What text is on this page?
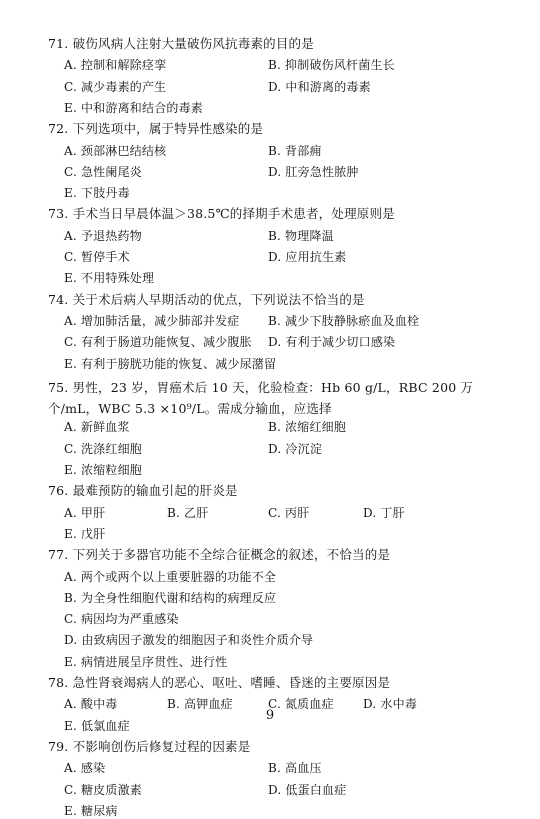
71. 破伤风病人注射大量破伤风抗毒素的目的是
A. 控制和解除痉挛	B. 抑制破伤风杆菌生长
C. 减少毒素的产生	D. 中和游离的毒素
E. 中和游离和结合的毒素
72. 下列选项中，属于特异性感染的是
A. 颈部淋巴结结核	B. 背部痈
C. 急性阑尾炎	D. 肛旁急性脓肿
E. 下肢丹毒
73. 手术当日早晨体温＞38.5℃的择期手术患者，处理原则是
A. 予退热药物	B. 物理降温
C. 暂停手术	D. 应用抗生素
E. 不用特殊处理
74. 关于术后病人早期活动的优点，下列说法不恰当的是
A. 增加肺活量，减少肺部并发症 B. 减少下肢静脉瘀血及血栓
C. 有利于肠道功能恢复、减少腹胀 D. 有利于减少切口感染
E. 有利于膀胱功能的恢复、减少尿潴留
75. 男性，23 岁，胃癌术后 10 天，化验检查：Hb 60 g/L，RBC 200 万个/mL，WBC 5.3 ×10⁹/L。需成分输血，应选择
A. 新鲜血浆	B. 浓缩红细胞
C. 洗涤红细胞	D. 冷沉淀
E. 浓缩粒细胞
76. 最难预防的输血引起的肝炎是
A. 甲肝	B. 乙肝	C. 丙肝	D. 丁肝
E. 戊肝
77. 下列关于多器官功能不全综合征概念的叙述，不恰当的是
A. 两个或两个以上重要脏器的功能不全
B. 为全身性细胞代谢和结构的病理反应
C. 病因均为严重感染
D. 由致病因子激发的细胞因子和炎性介质介导
E. 病情进展呈序贯性、进行性
78. 急性肾衰竭病人的恶心、呕吐、嗜睡、昏迷的主要原因是
A. 酸中毒	B. 高钾血症	C. 氮质血症 D. 水中毒
E. 低氯血症
79. 不影响创伤后修复过程的因素是
A. 感染	B. 高血压
C. 糖皮质激素	D. 低蛋白血症
E. 糖尿病
9
